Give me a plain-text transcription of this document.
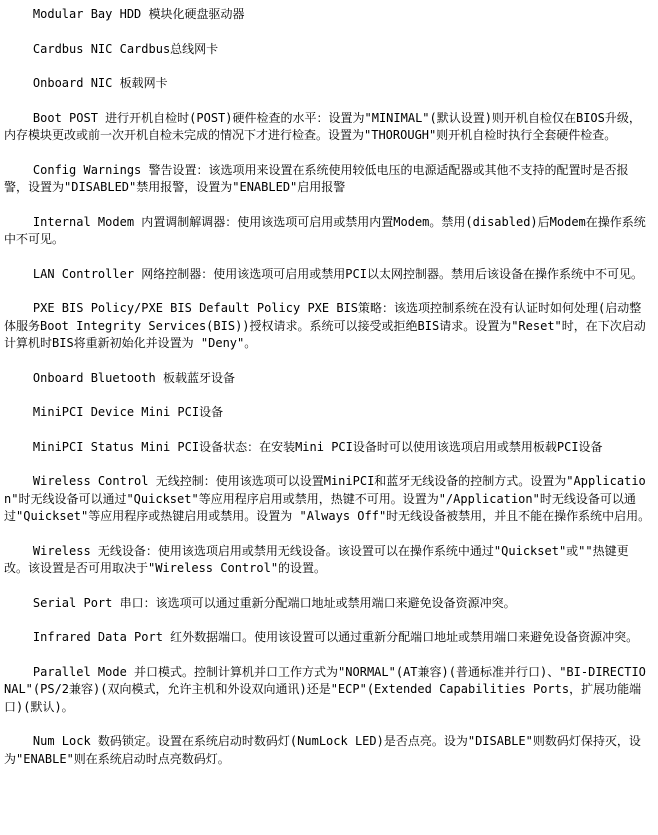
Modular Bay HDD 模块化硬盘驱动器

Cardbus NIC Cardbus总线网卡

Onboard NIC 板载网卡

Boot POST 进行开机自检时(POST)硬件检查的水平：设置为"MINIMAL"(默认设置)则开机自检仅在BIOS升级，内存模块更改或前一次开机自检未完成的情况下才进行检查。设置为"THOROUGH"则开机自检时执行全套硬件检查。

Config Warnings 警告设置：该选项用来设置在系统使用较低电压的电源适配器或其他不支持的配置时是否报警，设置为"DISABLED"禁用报警，设置为"ENABLED"启用报警

Internal Modem 内置调制解调器：使用该选项可启用或禁用内置Modem。禁用(disabled)后Modem在操作系统中不可见。

LAN Controller 网络控制器：使用该选项可启用或禁用PCI以太网控制器。禁用后该设备在操作系统中不可见。

PXE BIS Policy/PXE BIS Default Policy PXE BIS策略：该选项控制系统在没有认证时如何处理(启动整体服务Boot Integrity Services(BIS))授权请求。系统可以接受或拒绝BIS请求。设置为"Reset"时，在下次启动计算机时BIS将重新初始化并设置为 "Deny"。

Onboard Bluetooth 板载蓝牙设备

MiniPCI Device Mini PCI设备

MiniPCI Status Mini PCI设备状态：在安装Mini PCI设备时可以使用该选项启用或禁用板载PCI设备

Wireless Control 无线控制：使用该选项可以设置MiniPCI和蓝牙无线设备的控制方式。设置为"Application"时无线设备可以通过"Quickset"等应用程序启用或禁用，热键不可用。设置为"/Application"时无线设备可以通过"Quickset"等应用程序或热键启用或禁用。设置为 "Always Off"时无线设备被禁用，并且不能在操作系统中启用。

Wireless 无线设备：使用该选项启用或禁用无线设备。该设置可以在操作系统中通过"Quickset"或""热键更改。该设置是否可用取决于"Wireless Control"的设置。

Serial Port 串口：该选项可以通过重新分配端口地址或禁用端口来避免设备资源冲突。

Infrared Data Port 红外数据端口。使用该设置可以通过重新分配端口地址或禁用端口来避免设备资源冲突。

Parallel Mode 并口模式。控制计算机并口工作方式为"NORMAL"(AT兼容)(普通标准并行口)、"BI-DIRECTIONAL"(PS/2兼容)(双向模式，允许主机和外设双向通讯)还是"ECP"(Extended Capabilities Ports，扩展功能端口)(默认)。

Num Lock 数码锁定。设置在系统启动时数码灯(NumLock LED)是否点亮。设为"DISABLE"则数码灯保持灭，设为"ENABLE"则在系统启动时点亮数码灯。
